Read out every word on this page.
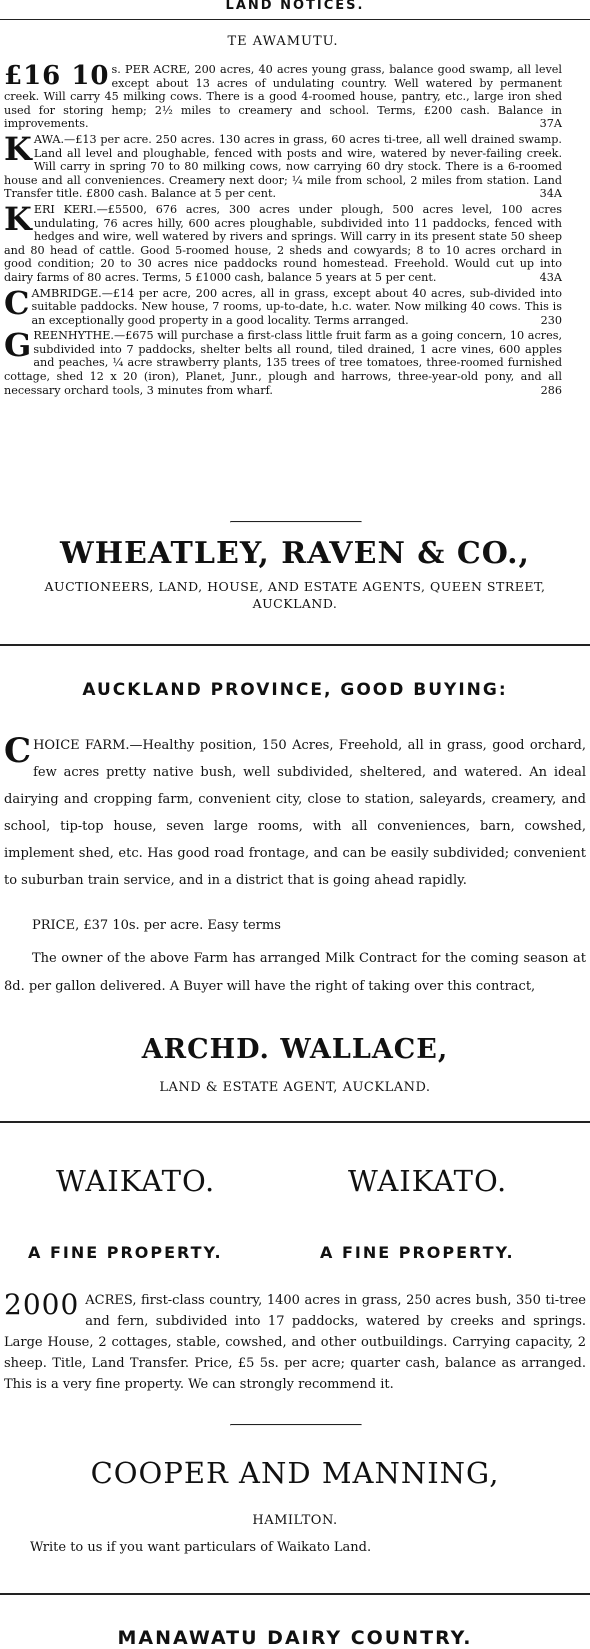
LAND NOTICES.
TE AWAMUTU.
£16 10 s. PER ACRE, 200 acres, 40 acres young grass, balance good swamp, all level except about 13 acres of undulating country. Well watered by permanent creek. Will carry 45 milking cows. There is a good 4-roomed house, pantry, etc., large iron shed used for storing hemp; 2½ miles to creamery and school. Terms, £200 cash. Balance in improvements.	37A
K AWA.—£13 per acre. 250 acres. 130 acres in grass, 60 acres ti-tree, all well drained swamp. Land all level and ploughable, fenced with posts and wire, watered by never-failing creek. Will carry in spring 70 to 80 milking cows, now carrying 60 dry stock. There is a 6-roomed house and all conveniences. Creamery next door; ¼ mile from school, 2 miles from station. Land Transfer title. £800 cash. Balance at 5 per cent.	34A
K ERI KERI.—£5500, 676 acres, 300 acres under plough, 500 acres level, 100 acres undulating, 76 acres hilly, 600 acres ploughable, subdivided into 11 paddocks, fenced with hedges and wire, well watered by rivers and springs. Will carry in its present state 50 sheep and 80 head of cattle. Good 5-roomed house, 2 sheds and cowyards; 8 to 10 acres orchard in good condition; 20 to 30 acres nice paddocks round homestead. Freehold. Would cut up into dairy farms of 80 acres. Terms, 5 £1000 cash, balance 5 years at 5 per cent.	43A
C AMBRIDGE.—£14 per acre, 200 acres, all in grass, except about 40 acres, sub-divided into suitable paddocks. New house, 7 rooms, up-to-date, h.c. water. Now milking 40 cows. This is an exceptionally good property in a good locality. Terms arranged.	230
G REENHYTHE.—£675 will purchase a first-class little fruit farm as a going concern, 10 acres, subdivided into 7 paddocks, shelter belts all round, tiled drained, 1 acre vines, 600 apples and peaches, ¼ acre strawberry plants, 135 trees of tree tomatoes, three-roomed furnished cottage, shed 12 x 20 (iron), Planet, Junr., plough and harrows, three-year-old pony, and all necessary orchard tools, 3 minutes from wharf.	286
WHEATLEY, RAVEN & CO.,
AUCTIONEERS, LAND, HOUSE, AND ESTATE AGENTS, QUEEN STREET,
AUCKLAND.
AUCKLAND PROVINCE, GOOD BUYING:
C HOICE FARM.—Healthy position, 150 Acres, Freehold, all in grass, good orchard, few acres pretty native bush, well subdivided, sheltered, and watered. An ideal dairying and cropping farm, convenient city, close to station, saleyards, creamery, and school, tip-top house, seven large rooms, with all conveniences, barn, cowshed, implement shed, etc. Has good road frontage, and can be easily subdivided; convenient to suburban train service, and in a district that is going ahead rapidly.
PRICE, £37 10s. per acre. Easy terms
The owner of the above Farm has arranged Milk Contract for the coming season at 8d. per gallon delivered. A Buyer will have the right of taking over this contract,
ARCHD. WALLACE,
LAND & ESTATE AGENT, AUCKLAND.
WAIKATO.	WAIKATO.
A FINE PROPERTY.	A FINE PROPERTY.
2000 ACRES, first-class country, 1400 acres in grass, 250 acres bush, 350 ti-tree and fern, subdivided into 17 paddocks, watered by creeks and springs. Large House, 2 cottages, stable, cowshed, and other outbuildings. Carrying capacity, 2 sheep. Title, Land Transfer. Price, £5 5s. per acre; quarter cash, balance as arranged. This is a very fine property. We can strongly recommend it.
COOPER AND MANNING,
HAMILTON.
Write to us if you want particulars of Waikato Land.
MANAWATU DAIRY COUNTRY.
